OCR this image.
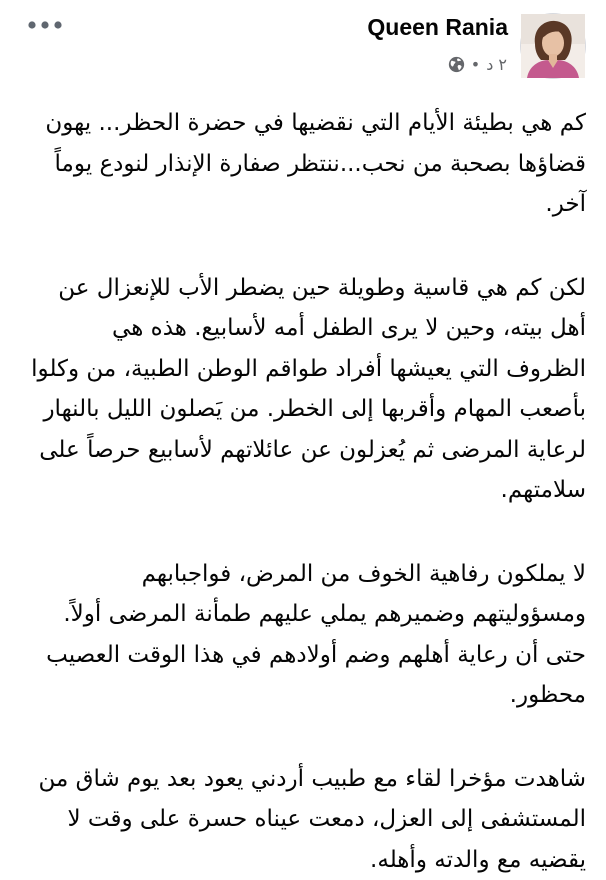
Queen Rania
• ٢ د

كم هي بطيئة الأيام التي نقضيها في حضرة الحظر... يهون قضاؤها بصحبة من نحب...ننتظر صفارة الإنذار لنودع يوماً آخر.

لكن كم هي قاسية وطويلة حين يضطر الأب للإنعزال عن أهل بيته، وحين لا يرى الطفل أمه لأسابيع. هذه هي الظروف التي يعيشها أفراد طواقم الوطن الطبية، من وكلوا بأصعب المهام وأقربها إلى الخطر. من يَصلون الليل بالنهار لرعاية المرضى ثم يُعزلون عن عائلاتهم لأسابيع حرصاً على سلامتهم.

لا يملكون رفاهية الخوف من المرض، فواجبابهم ومسؤوليتهم وضميرهم يملي عليهم طمأنة المرضى أولاً. حتى أن رعاية أهلهم وضم أولادهم في هذا الوقت العصيب محظور.

شاهدت مؤخرا لقاء مع طبيب أردني يعود بعد يوم شاق من المستشفى إلى العزل، دمعت عيناه حسرة على وقت لا يقضيه مع والدته وأهله.
